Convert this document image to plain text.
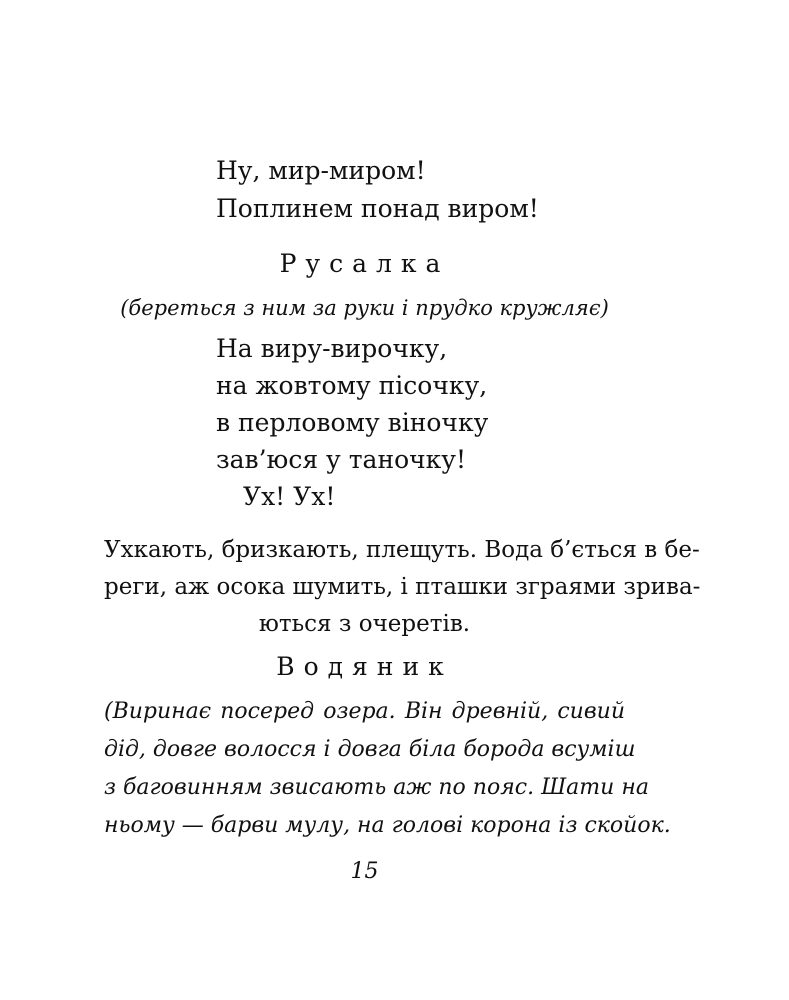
Ну, мир-миром!

Поплинем понад виром!

Русалка
(береться з ним за руки і прудко кружляє)

На виру-вирочку,

на жовтому пісочку,

в перловому віночку

зав’юся у таночку!

Ух! Ух!

Ухкають, бризкають, плещуть. Вода б’ється в бе-

реги, аж осока шумить, і пташки зграями зрива-

ються з очеретів.

Водяник

(Виринає посеред озера. Він древній, сивий

дід, довге волосся і довга біла борода всуміш

з баговинням звисають аж по пояс. Шати на

ньому — барви мулу, на голові корона із скойок.

15
